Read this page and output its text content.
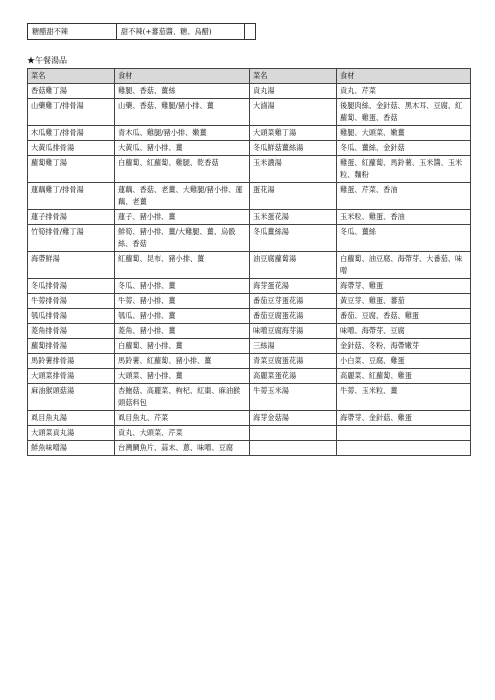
糖醋甜不辣	甜不辣(+蕃茄醬、糖、烏醋)	
★午餐湯品
菜名	食材	菜名	食材
香菇雞丁湯	雞腿、香菇、薑絲	貢丸湯	貢丸、芹菜
山藥雞丁/排骨湯	山藥、香菇、雞腿/豬小排、薑	大滷湯	後腿肉絲、金針菇、黑木耳、豆腐、紅蘿蔔、雞蛋、香菇
木瓜雞丁/排骨湯	青木瓜、雞腿/豬小排、嫩薑	大頭菜雞丁湯	雞腿、大頭菜、嫩薑
大黃瓜排骨湯	大黃瓜、豬小排、薑	冬瓜鮮菇薑絲湯	冬瓜、薑絲、金針菇
蘿蔔雞丁湯	白蘿蔔、紅蘿蔔、雞腿、乾香菇	玉米濃湯	雞蛋、紅蘿蔔、馬鈴薯、玉米醬、玉米粒、麵粉
蓮藕雞丁/排骨湯	蓮藕、香菇、老薑、大雞腿/豬小排、蓮藕、老薑	蛋花湯	雞蛋、芹菜、香油
蓮子排骨湯	蓮子、豬小排、薑	玉米蛋花湯	玉米粒、雞蛋、香油
竹筍排骨/雞丁湯	鮮筍、豬小排、薑/大雞腿、薑、烏骰絲、香菇	冬瓜薑絲湯	冬瓜、薑絲
海帶鮮湯	紅蘿蔔、昆布、豬小排、薑	油豆腐蘿蔔湯	白蘿蔔、油豆腐、海帶芽、大番茄、味噌
冬瓜排骨湯	冬瓜、豬小排、薑	海芽蛋花湯	海帶芽、雞蛋
牛蒡排骨湯	牛蒡、豬小排、薑	番茄豆芽蛋花湯	黃豆芽、雞蛋、蕃茄
瓠瓜排骨湯	瓠瓜、豬小排、薑	番茄豆腐蛋花湯	番茄、豆腐、香菇、雞蛋
菱角排骨湯	菱角、豬小排、薑	味噌豆腐海芽湯	味噌、海帶芽、豆腐
蘿蔔排骨湯	白蘿蔔、豬小排、薑	三絲湯	金針菇、冬粉、海帶嫩芽
馬鈴薯排骨湯	馬鈴薯、紅蘿蔔、豬小排、薑	青菜豆腐蛋花湯	小白菜、豆腐、雞蛋
大頭菜排骨湯	大頭菜、豬小排、薑	高麗菜蛋花湯	高麗菜、紅蘿蔔、雞蛋
麻油猴頭菇湯	杏鮑菇、高麗菜、枸杞、紅棗、麻油猴頭菇料包	牛蒡玉米湯	牛蒡、玉米粒、薑
虱目魚丸湯	虱目魚丸、芹菜	海芽金菇湯	海帶芽、金針菇、雞蛋
大頭菜貢丸湯	貢丸、大頭菜、芹菜		
鮮魚味噌湯	台灣鯛魚片、蒜末、蔥、味噌、豆腐		
